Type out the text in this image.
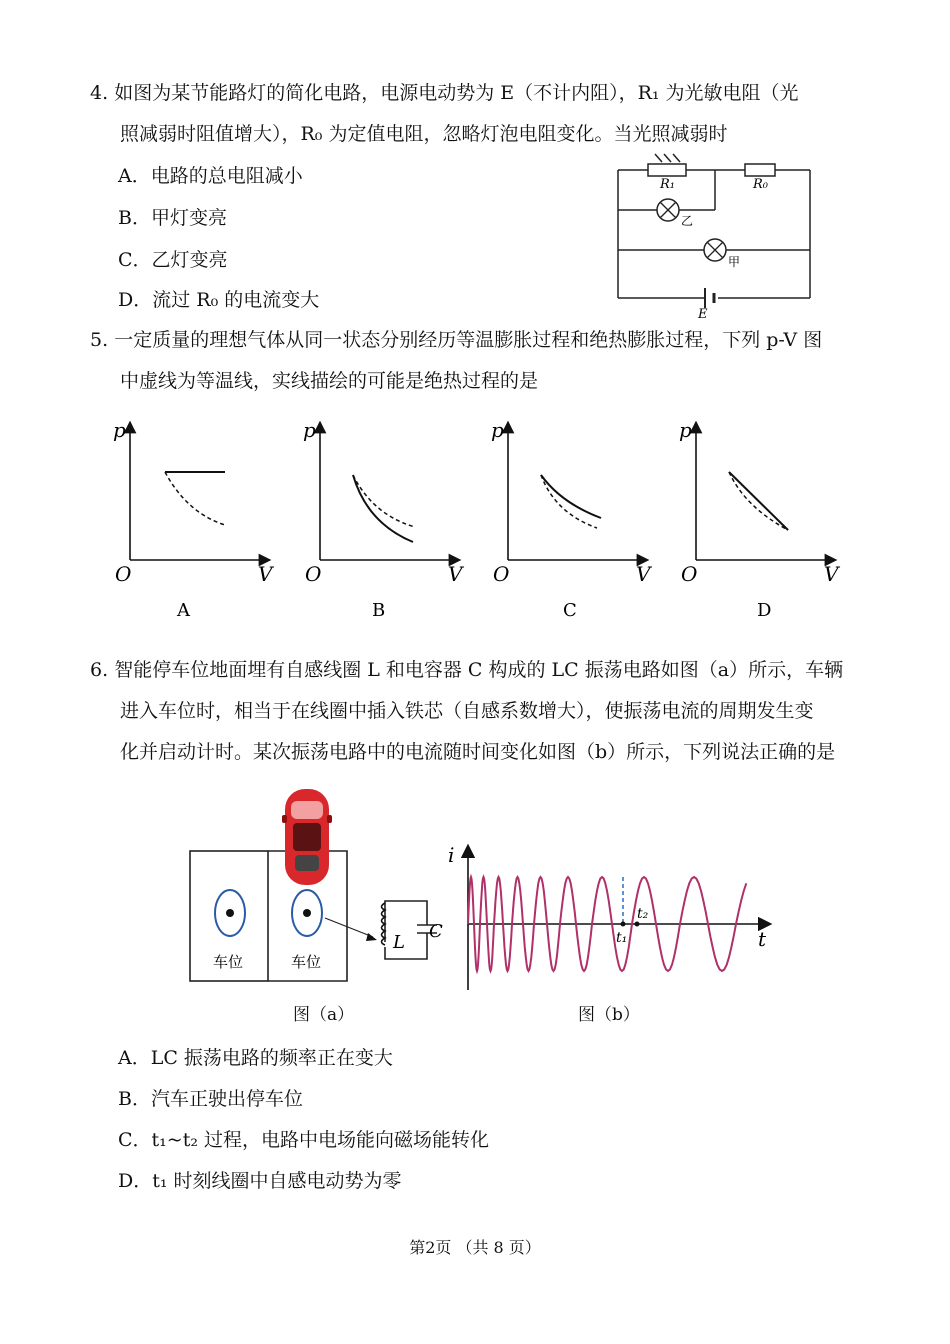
4. 如图为某节能路灯的简化电路，电源电动势为 E（不计内阻），R₁ 为光敏电阻（光
照减弱时阻值增大），R₀ 为定值电阻，忽略灯泡电阻变化。当光照减弱时
A．电路的总电阻减小
B．甲灯变亮
C．乙灯变亮
D．流过 R₀ 的电流变大
R₁	R₀
乙
甲
E
5. 一定质量的理想气体从同一状态分别经历等温膨胀过程和绝热膨胀过程，下列 p-V 图
中虚线为等温线，实线描绘的可能是绝热过程的是
p
O	V
A
p
O	V
B
p
O	V
C
p
O	V
D
6. 智能停车位地面埋有自感线圈 L 和电容器 C 构成的 LC 振荡电路如图（a）所示，车辆
进入车位时，相当于在线圈中插入铁芯（自感系数增大），使振荡电流的周期发生变
化并启动计时。某次振荡电路中的电流随时间变化如图（b）所示，下列说法正确的是
车位	车位
L
C
图（a）
i
t
t₁
t₂
图（b）
A．LC 振荡电路的频率正在变大
B．汽车正驶出停车位
C．t₁~t₂ 过程，电路中电场能向磁场能转化
D．t₁ 时刻线圈中自感电动势为零
第2页 （共 8 页）
